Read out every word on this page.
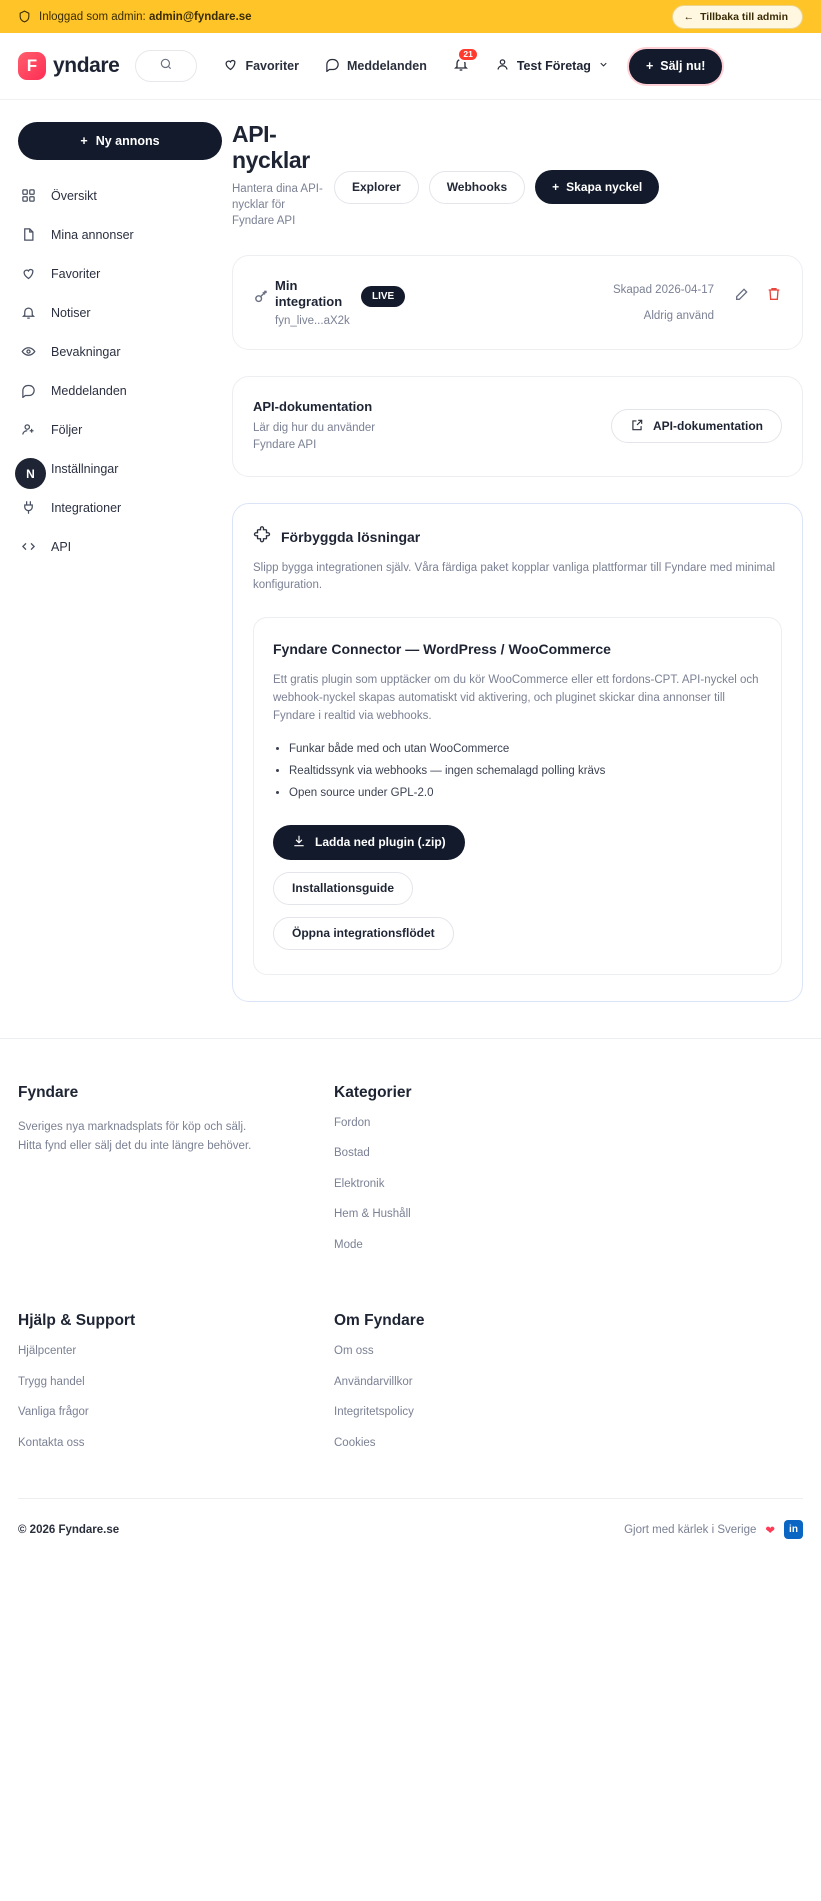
Inloggad som admin: admin@fyndare.se	← Tillbaka till admin
F yndare	Favoriter	Meddelanden
21
Test Företag	+ Sälj nu!
+ Ny annons
Översikt
Mina annonser
Favoriter
Notiser
Bevakningar
Meddelanden
Följer
Inställningar
Integrationer
API
API-nycklar
Hantera dina API-nycklar för Fyndare API
Explorer	Webhooks	+ Skapa nyckel
Min integration
fyn_live...aX2k
LIVE
Skapad 2026-04-17
Aldrig använd
API-dokumentation
Lär dig hur du använder Fyndare API
API-dokumentation
Förbyggda lösningar
Slipp bygga integrationen själv. Våra färdiga paket kopplar vanliga plattformar till Fyndare med minimal konfiguration.
Fyndare Connector — WordPress / WooCommerce
Ett gratis plugin som upptäcker om du kör WooCommerce eller ett fordons-CPT. API-nyckel och webhook-nyckel skapas automatiskt vid aktivering, och pluginet skickar dina annonser till Fyndare i realtid via webhooks.
• Funkar både med och utan WooCommerce
• Realtidssynk via webhooks — ingen schemalagd polling krävs
• Open source under GPL-2.0
Ladda ned plugin (.zip)
Installationsguide
Öppna integrationsflödet
N
Fyndare
Sveriges nya marknadsplats för köp och sälj. Hitta fynd eller sälj det du inte längre behöver.
Kategorier
Fordon
Bostad
Elektronik
Hem & Hushåll
Mode
Hjälp & Support
Hjälpcenter
Trygg handel
Vanliga frågor
Kontakta oss
Om Fyndare
Om oss
Användarvillkor
Integritetspolicy
Cookies
© 2026 Fyndare.se	Gjort med kärlek i Sverige ❤	in
